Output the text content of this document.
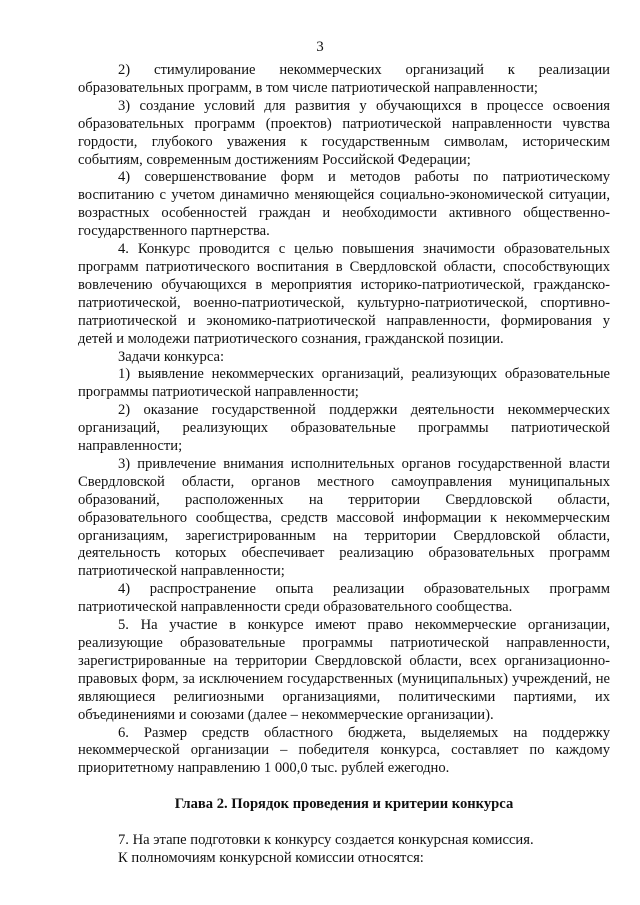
3

2) стимулирование некоммерческих организаций к реализации образовательных программ, в том числе патриотической направленности;

3) создание условий для развития у обучающихся в процессе освоения образовательных программ (проектов) патриотической направленности чувства гордости, глубокого уважения к государственным символам, историческим событиям, современным достижениям Российской Федерации;

4) совершенствование форм и методов работы по патриотическому воспитанию с учетом динамично меняющейся социально-экономической ситуации, возрастных особенностей граждан и необходимости активного общественно-государственного партнерства.

4. Конкурс проводится с целью повышения значимости образовательных программ патриотического воспитания в Свердловской области, способствующих вовлечению обучающихся в мероприятия историко-патриотической, гражданско-патриотической, военно-патриотической, культурно-патриотической, спортивно-патриотической и экономико-патриотической направленности, формирования у детей и молодежи патриотического сознания, гражданской позиции.

Задачи конкурса:

1) выявление некоммерческих организаций, реализующих образовательные программы патриотической направленности;

2) оказание государственной поддержки деятельности некоммерческих организаций, реализующих образовательные программы патриотической направленности;

3) привлечение внимания исполнительных органов государственной власти Свердловской области, органов местного самоуправления муниципальных образований, расположенных на территории Свердловской области, образовательного сообщества, средств массовой информации к некоммерческим организациям, зарегистрированным на территории Свердловской области, деятельность которых обеспечивает реализацию образовательных программ патриотической направленности;

4) распространение опыта реализации образовательных программ патриотической направленности среди образовательного сообщества.

5. На участие в конкурсе имеют право некоммерческие организации, реализующие образовательные программы патриотической направленности, зарегистрированные на территории Свердловской области, всех организационно-правовых форм, за исключением государственных (муниципальных) учреждений, не являющиеся религиозными организациями, политическими партиями, их объединениями и союзами (далее – некоммерческие организации).

6. Размер средств областного бюджета, выделяемых на поддержку некоммерческой организации – победителя конкурса, составляет по каждому приоритетному направлению 1 000,0 тыс. рублей ежегодно.

Глава 2. Порядок проведения и критерии конкурса

7. На этапе подготовки к конкурсу создается конкурсная комиссия.

К полномочиям конкурсной комиссии относятся:
